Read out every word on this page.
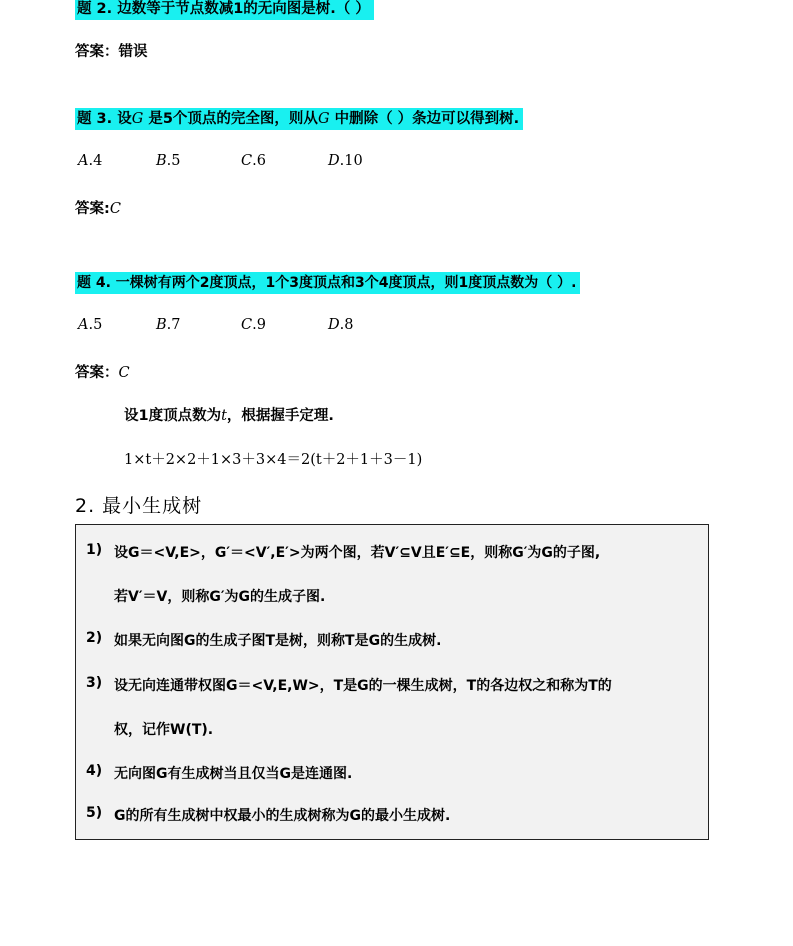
题 2. 边数等于节点数减1的无向图是树.（ ）
答案：错误
题 3. 设G 是5个顶点的完全图，则从G 中删除（ ）条边可以得到树.
A.4	B.5	C.6	D.10
答案:C
题 4. 一棵树有两个2度顶点，1个3度顶点和3个4度顶点，则1度顶点数为（ ）.
A.5	B.7	C.9	D.8
答案：C
设1度顶点数为t，根据握手定理.
1×t＋2×2＋1×3＋3×4＝2(t＋2＋1＋3－1)
2. 最小生成树
1) 设G＝<V,E>，G′＝<V′,E′>为两个图，若V′⊆V且E′⊆E，则称G′为G的子图,
若V′＝V，则称G′为G的生成子图.
2) 如果无向图G的生成子图T是树，则称T是G的生成树.
3) 设无向连通带权图G＝<V,E,W>，T是G的一棵生成树，T的各边权之和称为T的
权，记作W(T).
4) 无向图G有生成树当且仅当G是连通图.
5) G的所有生成树中权最小的生成树称为G的最小生成树.
